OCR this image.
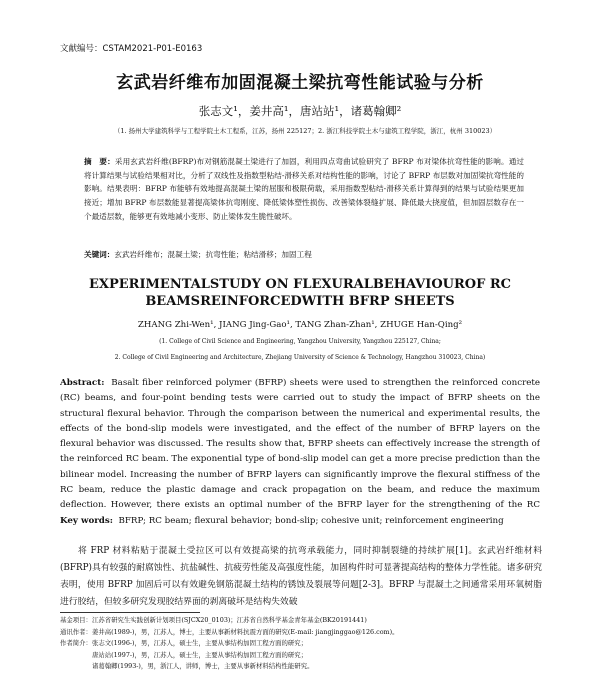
文献编号：CSTAM2021-P01-E0163
玄武岩纤维布加固混凝土梁抗弯性能试验与分析
张志文¹，姜井高¹，唐站站¹，诸葛翰卿²
（1. 扬州大学建筑科学与工程学院土木工程系，江苏，扬州 225127；2. 浙江科技学院土木与建筑工程学院，浙江，杭州 310023）
摘　要：采用玄武岩纤维(BFRP)布对钢筋混凝土梁进行了加固，利用四点弯曲试验研究了 BFRP 布对梁体抗弯性能的影响。通过将计算结果与试验结果相对比，分析了双线性及指数型粘结-滑移关系对结构性能的影响，讨论了 BFRP 布层数对加固梁抗弯性能的影响。结果表明：BFRP 布能够有效地提高混凝土梁的屈服和极限荷载，采用指数型粘结-滑移关系计算得到的结果与试验结果更加接近；增加 BFRP 布层数能显著提高梁体抗弯刚度、降低梁体塑性损伤、改善梁体裂缝扩展、降低最大挠度值，但加固层数存在一个最适层数，能够更有效地减小变形、防止梁体发生脆性破坏。
关键词：玄武岩纤维布；混凝土梁；抗弯性能；粘结滑移；加固工程
EXPERIMENTALSTUDY ON FLEXURALBEHAVIOUROF RC
BEAMSREINFORCEDWITH BFRP SHEETS
ZHANG Zhi-Wen¹, JIANG Jing-Gao¹, TANG Zhan-Zhan¹, ZHUGE Han-Qing²
(1. College of Civil Science and Engineering, Yangzhou University, Yangzhou 225127, China;
2. College of Civil Engineering and Architecture, Zhejiang University of Science & Technology, Hangzhou 310023, China)
Abstract: Basalt fiber reinforced polymer (BFRP) sheets were used to strengthen the reinforced concrete (RC) beams, and four-point bending tests were carried out to study the impact of BFRP sheets on the structural flexural behavior. Through the comparison between the numerical and experimental results, the effects of the bond-slip models were investigated, and the effect of the number of BFRP layers on the flexural behavior was discussed. The results show that, BFRP sheets can effectively increase the strength of the reinforced RC beam. The exponential type of bond-slip model can get a more precise prediction than the bilinear model. Increasing the number of BFRP layers can significantly improve the flexural stiffness of the RC beam, reduce the plastic damage and crack propagation on the beam, and reduce the maximum deflection. However, there exists an optimal number of the BFRP layer for the strengthening of the RC
Key words: BFRP; RC beam; flexural behavior; bond-slip; cohesive unit; reinforcement engineering
将 FRP 材料粘贴于混凝土受拉区可以有效提高梁的抗弯承载能力，同时抑制裂缝的持续扩展[1]。玄武岩纤维材料(BFRP)具有较强的耐腐蚀性、抗盐碱性、抗疲劳性能及高强度性能，加固构件时可显著提高结构的整体力学性能。诸多研究表明，使用 BFRP 加固后可以有效避免钢筋混凝土结构的锈蚀及裂展等问题[2-3]。BFRP 与混凝土之间通常采用环氧树脂进行胶结，但较多研究发现胶结界面的剥离破坏是结构失效破
基金项目：江苏省研究生实践创新计划项目(SJCX20_0103)；江苏省自然科学基金青年基金(BK20191441)
通讯作者：姜井高(1989-)，男，江苏人，博士，主要从事新材料抗震方面的研究(E-mail: jiangjinggao@126.com)。
作者简介：张志文(1996-)，男，江苏人，硕士生，主要从事结构加固工程方面的研究；
　　　　　唐站站(1997-)，男，江苏人，硕士生，主要从事结构加固工程方面的研究；
　　　　　诸葛翰卿(1993-)，男，浙江人，讲师，博士，主要从事新材料结构性能研究。
